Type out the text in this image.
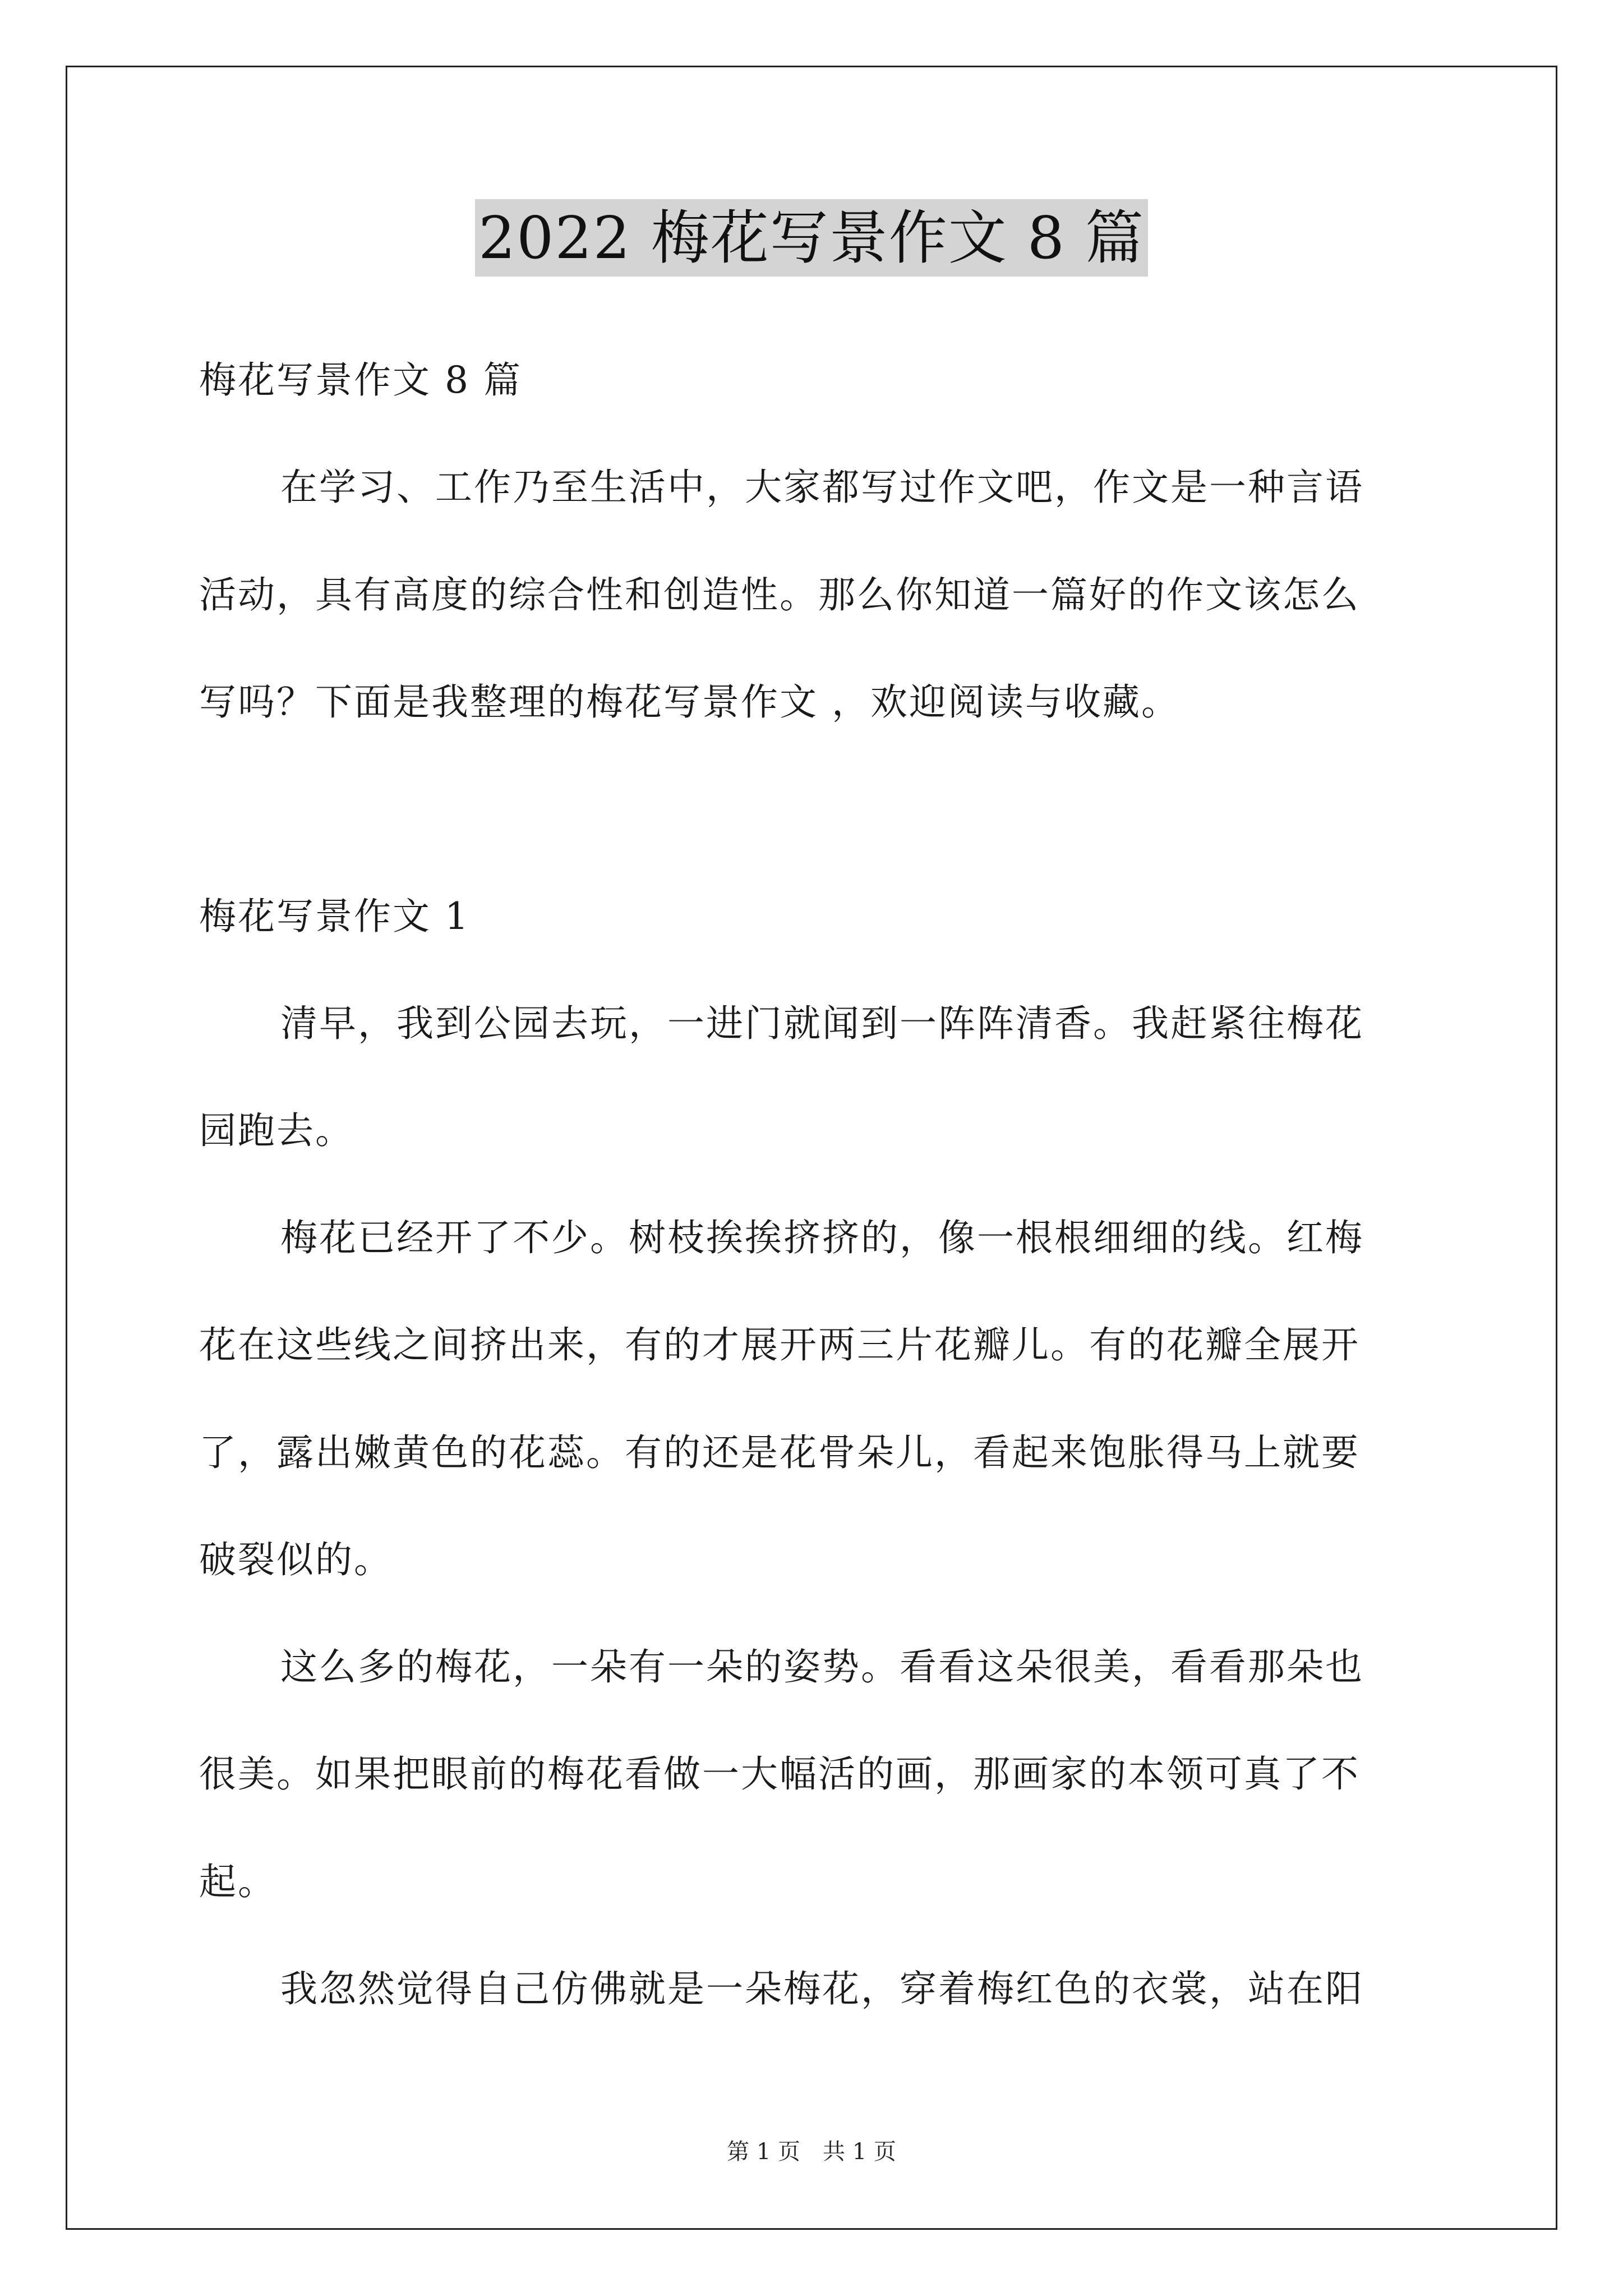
2022 梅花写景作文 8 篇
梅花写景作文 8 篇
在学习、工作乃至生活中，大家都写过作文吧，作文是一种言语
活动，具有高度的综合性和创造性。那么你知道一篇好的作文该怎么
写吗？下面是我整理的梅花写景作文 ，欢迎阅读与收藏。
梅花写景作文 1
清早，我到公园去玩，一进门就闻到一阵阵清香。我赶紧往梅花
园跑去。
梅花已经开了不少。树枝挨挨挤挤的，像一根根细细的线。红梅
花在这些线之间挤出来，有的才展开两三片花瓣儿。有的花瓣全展开
了，露出嫩黄色的花蕊。有的还是花骨朵儿，看起来饱胀得马上就要
破裂似的。
这么多的梅花，一朵有一朵的姿势。看看这朵很美，看看那朵也
很美。如果把眼前的梅花看做一大幅活的画，那画家的本领可真了不
起。
我忽然觉得自己仿佛就是一朵梅花，穿着梅红色的衣裳，站在阳
第 1 页　共 1 页
